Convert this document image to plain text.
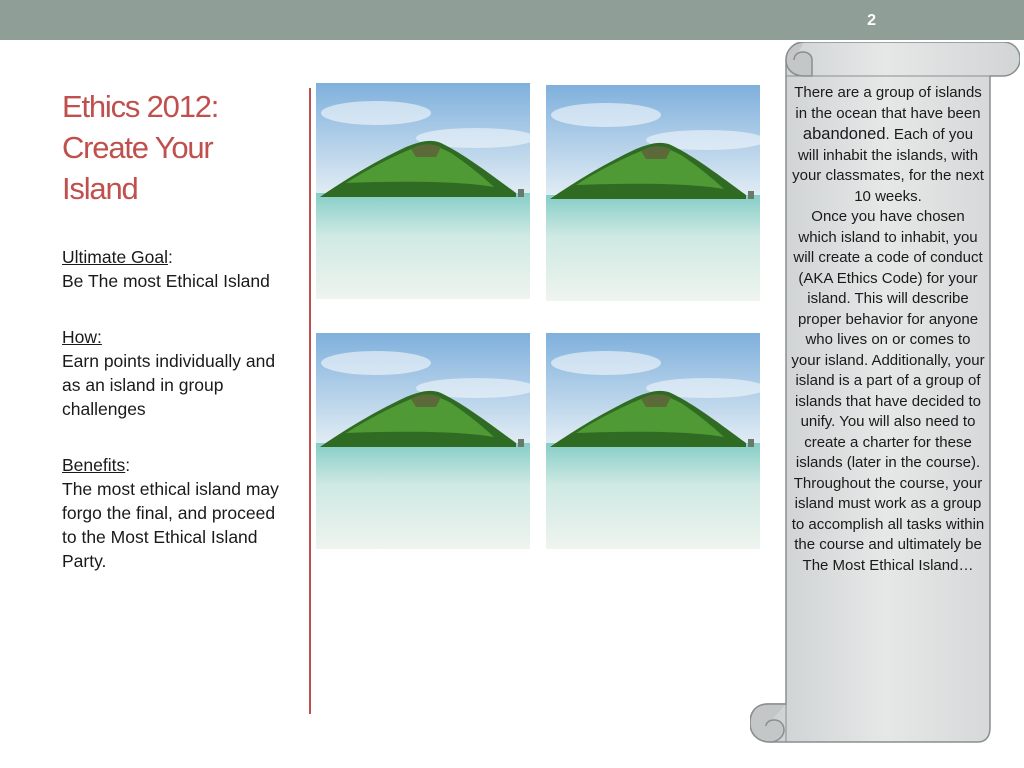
2
Ethics 2012:
Create Your
Island

Ultimate Goal:

Be The most Ethical Island

How:

Earn points individually and as an island in group challenges

Benefits:

The most ethical island may forgo the final, and proceed to the Most Ethical Island Party.

There are a group of islands in the ocean that have been abandoned. Each of you will inhabit the islands, with your classmates, for the next 10 weeks.
Once you have chosen which island to inhabit, you will create a code of conduct (AKA Ethics Code) for your island. This will describe proper behavior for anyone who lives on or comes to your island. Additionally, your island is a part of a group of islands that have decided to unify. You will also need to create a charter for these islands (later in the course). Throughout the course, your island must work as a group to accomplish all tasks within the course and ultimately be The Most Ethical Island…
